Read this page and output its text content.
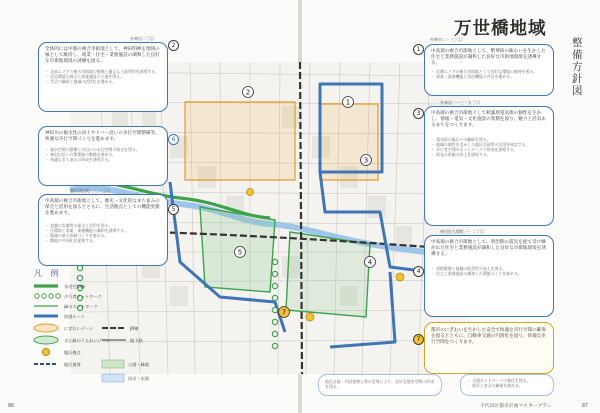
1
2
3
4
5
7
万世橋地域
整備方針図
外神田二丁目
全体的には中層の複合市街地として、神田明神を地域の核として維持し、商業・住宅・業務施設の調和した良好な市街地環境の誘導を図る。
・ 北部エリアの複合市街地の整備と適正な土地利用を誘導する。
・ 住居環境の保全と商業施設の立地を図る。
・ 生活の継続と地域の活性化を進める。
2
神田川の親水性の向上やリバー沿いの歩行空間整備等、快適な歩行空間づくりを進めます。
・ 親水空間の整備と川沿いの水辺空間の保全を図る。
・ 神田川沿いの散策路の整備を進める。
・ 快適なまち並みの形成を誘導する。
6
神田須田町一・二丁目
中高層の複合市街地として、歴史・文化的なまち並みの保全と活用を図るとともに、生活拠点としての機能更新を進めます。
・ 老舗の店舗等の保全と活用を図る。
・ 住環境と商業・業務機能の調和を誘導する。
・ 地域の協力体制づくりを進める。
・ 敷地の共同化を促進する。
5
外神田二・三丁目
中高層の複合市街地として、繁華街の賑わいを生かした住宅と業務施設が調和した良好な市街地環境を誘導する。
・ 近隣エリアの複合市街地として良好な環境の維持を図る。
・ 商業・業務機能と居住機能の共存を進める。
1
外神田一〜三・五丁目
中高層の複合市街地として秋葉原電気街の個性を生かし、情報・電気・文化施設の集積を図り、魅力と活気あるまちをつくります。
・ 電気街の賑わいの継続を図る。
・ 地域の個性を活かした地区計画等の活用を検討する。
・ 歩行者空間のネットワークの形成を誘導する。
・ 街並み景観の向上を誘導する。
3
神田佐久間町一・二丁目
中高層の複合市街地として、明治期の震災を経て受け継がれた住宅と業務施設が調和した良好な市街地環境を誘導する。
・ 道路整備と地域の防災性の向上を図る。
・ 住宅と業務施設の調和した環境づくりを進める。
4
都市のにぎわいを生かした安全で快適な歩行空間の確保を図るとともに、自動車交通の円滑化を図り、快適な歩行空間をつくります。
7
・ 交通ネットワークの強化を図る。
・ 防災と安全の確保を進める。
地区計画・共同建替え等の活用により、良好な都市空間の形成を図る。
凡 例
水辺空間軸
歩行者ネットワーク
緑のネットワーク
回遊ルート
にぎわいゾーン
水と緑のうるおいゾーン
地区拠点
JR線
地下鉄
地区境界	公園・緑地
河川・水面
86	千代田区都市計画マスタープラン	87
